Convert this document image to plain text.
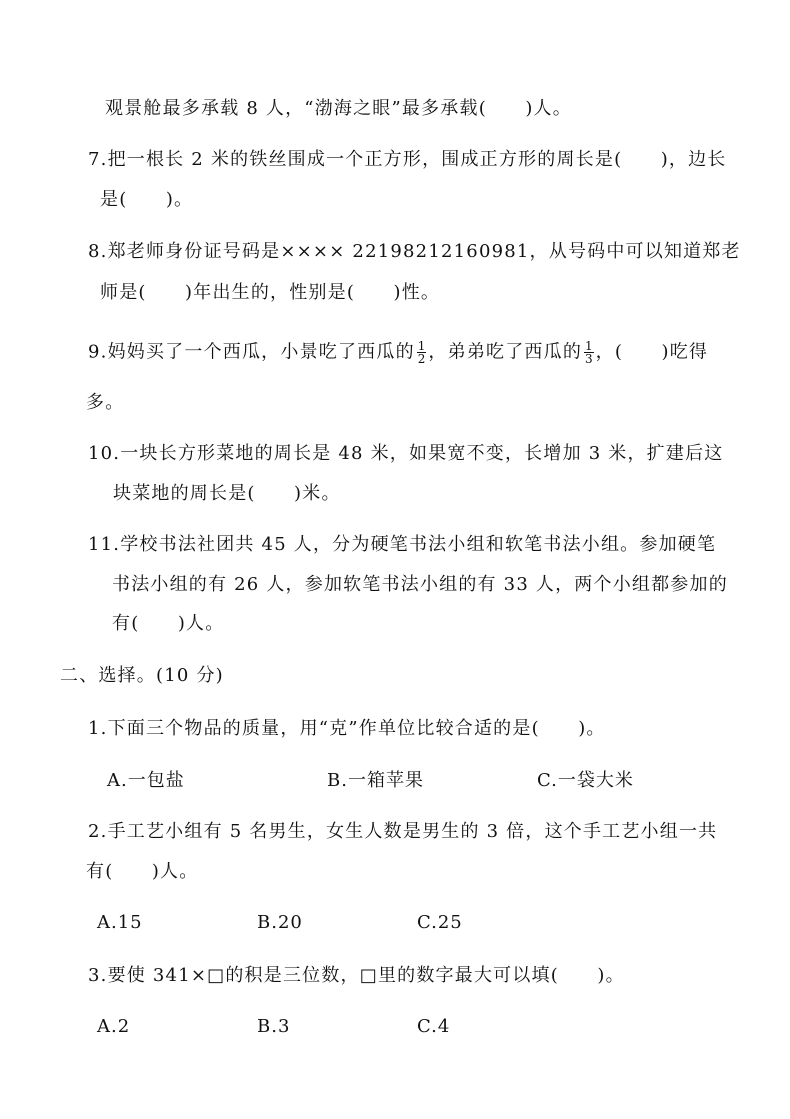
观景舱最多承载 8 人，“渤海之眼”最多承载(　　)人。
7.把一根长 2 米的铁丝围成一个正方形，围成正方形的周长是(　　)，边长
是(　　)。
8.郑老师身份证号码是×××× 22198212160981，从号码中可以知道郑老
师是(　　)年出生的，性别是(　　)性。
9.妈妈买了一个西瓜，小景吃了西瓜的 $\frac{1}{2}$ ，弟弟吃了西瓜的 $\frac{1}{3}$ ，(　　)吃得
多。
10.一块长方形菜地的周长是 48 米，如果宽不变，长增加 3 米，扩建后这
块菜地的周长是(　　)米。
11.学校书法社团共 45 人，分为硬笔书法小组和软笔书法小组。参加硬笔
书法小组的有 26 人，参加软笔书法小组的有 33 人，两个小组都参加的
有(　　)人。
二、选择。(10 分)
1.下面三个物品的质量，用“克”作单位比较合适的是(　　)。
A.一包盐	B.一箱苹果	C.一袋大米
2.手工艺小组有 5 名男生，女生人数是男生的 3 倍，这个手工艺小组一共
有(　　)人。
A.15	B.20	C.25
3.要使 341×□的积是三位数，□里的数字最大可以填(　　)。
A.2	B.3	C.4
